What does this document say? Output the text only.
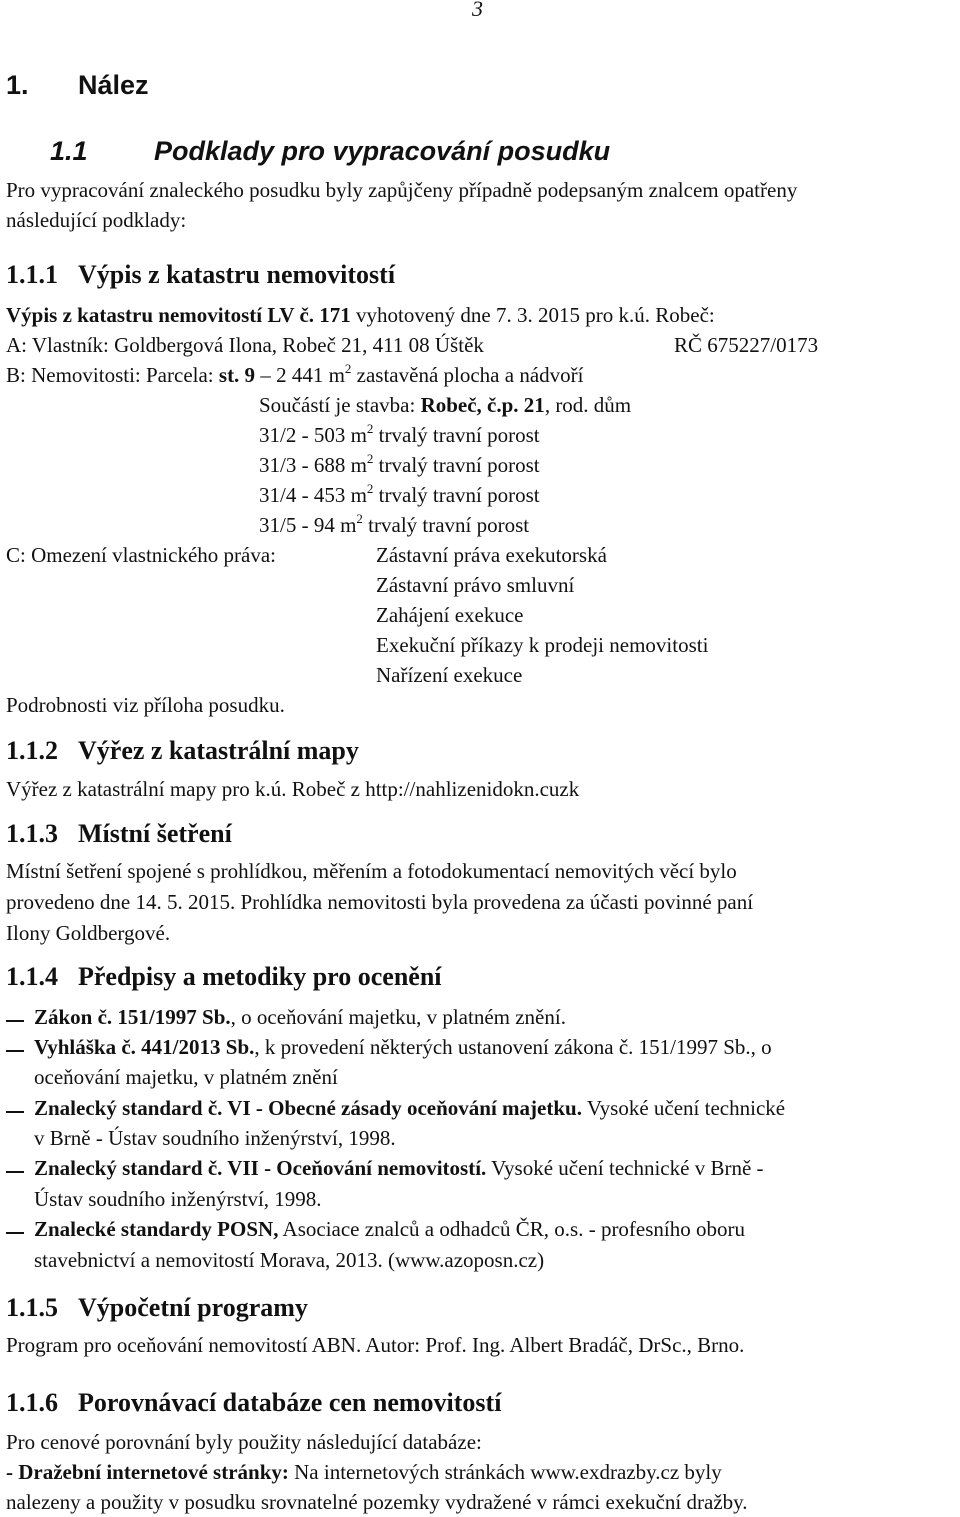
3
1. Nález
1.1 Podklady pro vypracování posudku
Pro vypracování znaleckého posudku byly zapůjčeny případně podepsaným znalcem opatřeny
následující podklady:
1.1.1 Výpis z katastru nemovitostí
Výpis z katastru nemovitostí LV č. 171 vyhotovený dne 7. 3. 2015 pro k.ú. Robeč:
A: Vlastník: Goldbergová Ilona, Robeč 21, 411 08 Úštěk	RČ 675227/0173
B: Nemovitosti: Parcela: st. 9 – 2 441 $m^2$ zastavěná plocha a nádvoří
Součástí je stavba: Robeč, č.p. 21, rod. dům
31/2 - 503 $m^2$ trvalý travní porost
31/3 - 688 $m^2$ trvalý travní porost
31/4 - 453 $m^2$ trvalý travní porost
31/5 - 94 $m^2$ trvalý travní porost
C: Omezení vlastnického práva:	Zástavní práva exekutorská
Zástavní právo smluvní
Zahájení exekuce
Exekuční příkazy k prodeji nemovitosti
Nařízení exekuce
Podrobnosti viz příloha posudku.
1.1.2 Výřez z katastrální mapy
Výřez z katastrální mapy pro k.ú. Robeč z http://nahlizenidokn.cuzk
1.1.3 Místní šetření
Místní šetření spojené s prohlídkou, měřením a fotodokumentací nemovitých věcí bylo
provedeno dne 14. 5. 2015. Prohlídka nemovitosti byla provedena za účasti povinné paní
Ilony Goldbergové.
1.1.4 Předpisy a metodiky pro ocenění
Zákon č. 151/1997 Sb., o oceňování majetku, v platném znění.
Vyhláška č. 441/2013 Sb., k provedení některých ustanovení zákona č. 151/1997 Sb., o
oceňování majetku, v platném znění
Znalecký standard č. VI - Obecné zásady oceňování majetku. Vysoké učení technické
v Brně - Ústav soudního inženýrství, 1998.
Znalecký standard č. VII - Oceňování nemovitostí. Vysoké učení technické v Brně -
Ústav soudního inženýrství, 1998.
Znalecké standardy POSN, Asociace znalců a odhadců ČR, o.s. - profesního oboru
stavebnictví a nemovitostí Morava, 2013. (www.azoposn.cz)
1.1.5 Výpočetní programy
Program pro oceňování nemovitostí ABN. Autor: Prof. Ing. Albert Bradáč, DrSc., Brno.
1.1.6 Porovnávací databáze cen nemovitostí
Pro cenové porovnání byly použity následující databáze:
- Dražební internetové stránky: Na internetových stránkách www.exdrazby.cz byly
nalezeny a použity v posudku srovnatelné pozemky vydražené v rámci exekuční dražby.
